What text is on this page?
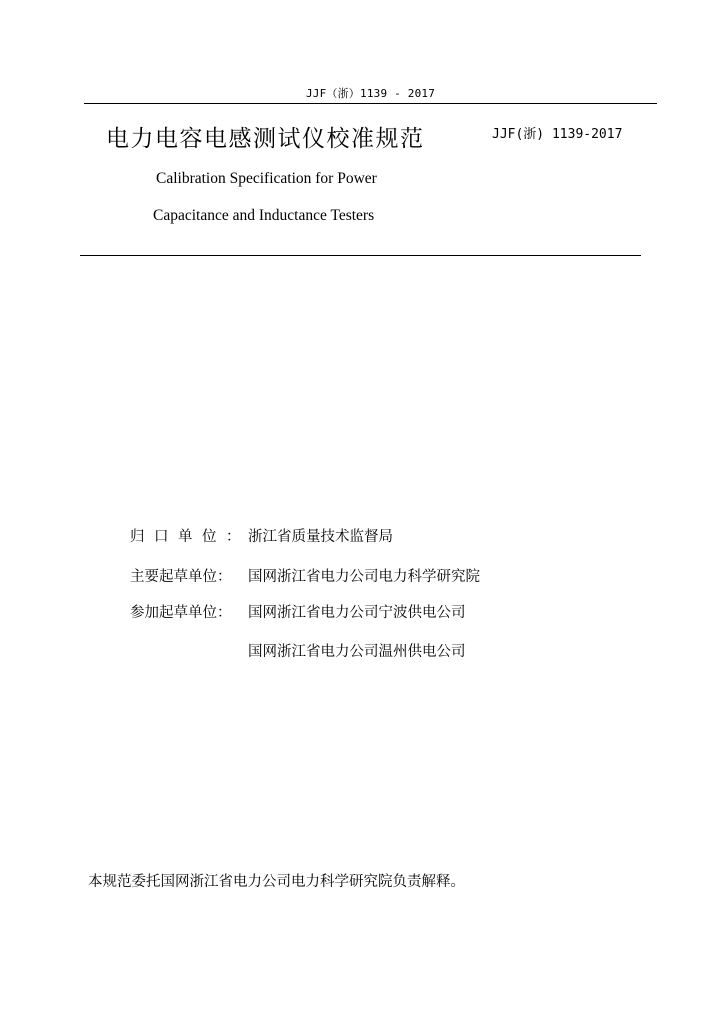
JJF（浙）1139 - 2017
电力电容电感测试仪校准规范	JJF(浙) 1139-2017
Calibration Specification for Power
Capacitance and Inductance Testers
归口单位：
浙江省质量技术监督局
主要起草单位： 国网浙江省电力公司电力科学研究院
参加起草单位： 国网浙江省电力公司宁波供电公司
国网浙江省电力公司温州供电公司
本规范委托国网浙江省电力公司电力科学研究院负责解释。
